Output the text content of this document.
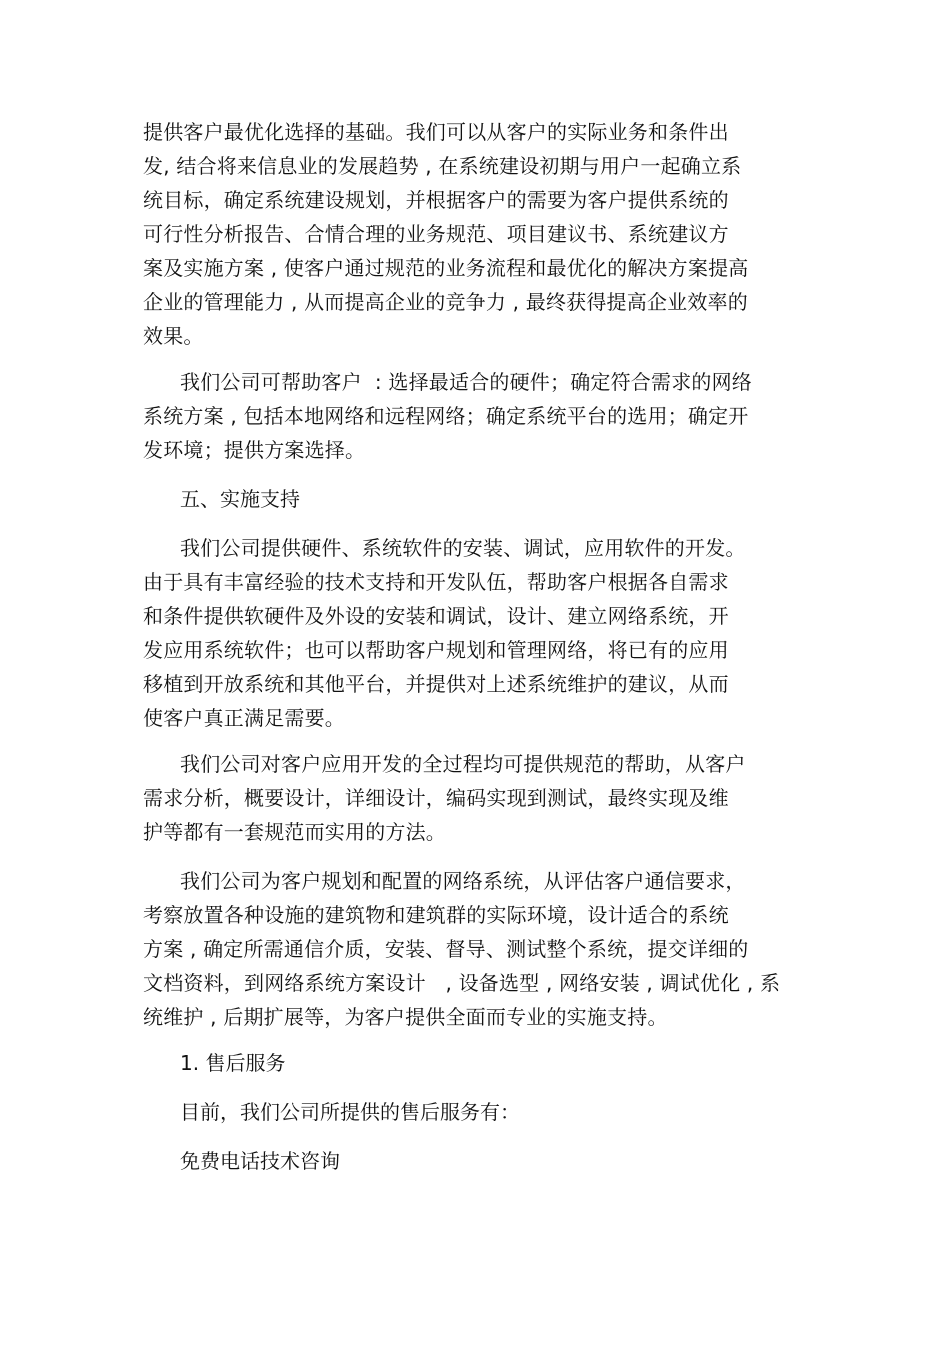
提供客户最优化选择的基础。我们可以从客户的实际业务和条件出
发, 结合将来信息业的发展趋势 , 在系统建设初期与用户一起确立系
统目标，确定系统建设规划，并根据客户的需要为客户提供系统的
可行性分析报告、合情合理的业务规范、项目建议书、系统建议方
案及实施方案 , 使客户通过规范的业务流程和最优化的解决方案提高
企业的管理能力 , 从而提高企业的竞争力 , 最终获得提高企业效率的
效果。
我们公司可帮助客户  : 选择最适合的硬件；确定符合需求的网络
系统方案 , 包括本地网络和远程网络；确定系统平台的选用；确定开
发环境；提供方案选择。

五、实施支持

我们公司提供硬件、系统软件的安装、调试，应用软件的开发。
由于具有丰富经验的技术支持和开发队伍，帮助客户根据各自需求
和条件提供软硬件及外设的安装和调试，设计、建立网络系统，开
发应用系统软件；也可以帮助客户规划和管理网络，将已有的应用
移植到开放系统和其他平台，并提供对上述系统维护的建议，从而
使客户真正满足需要。
我们公司对客户应用开发的全过程均可提供规范的帮助，从客户
需求分析，概要设计，详细设计，编码实现到测试，最终实现及维
护等都有一套规范而实用的方法。
我们公司为客户规划和配置的网络系统，从评估客户通信要求，
考察放置各种设施的建筑物和建筑群的实际环境，设计适合的系统
方案 , 确定所需通信介质，安装、督导、测试整个系统，提交详细的
文档资料，到网络系统方案设计   , 设备选型 , 网络安装 , 调试优化 , 系
统维护 , 后期扩展等，为客户提供全面而专业的实施支持。

1. 售后服务

目前，我们公司所提供的售后服务有：

免费电话技术咨询
